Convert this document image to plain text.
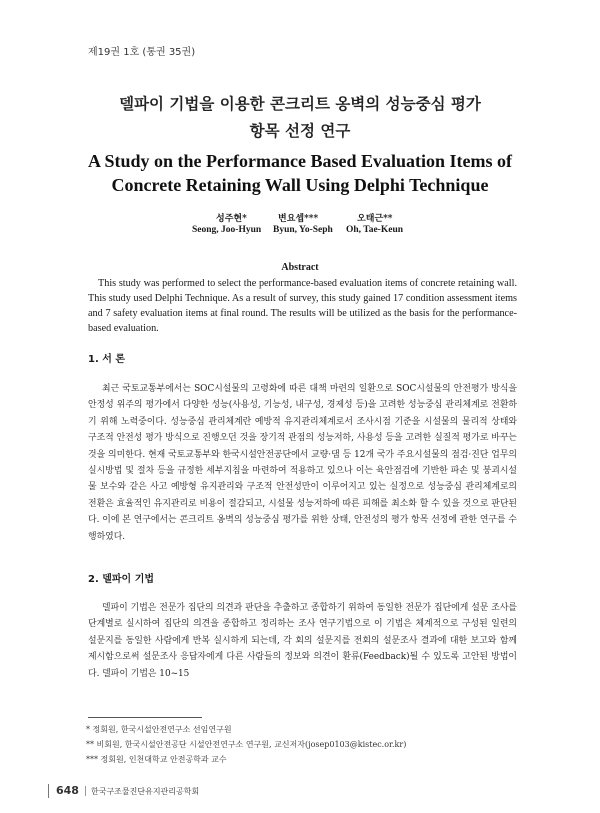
제19권 1호 (통권 35권)
델파이 기법을 이용한 콘크리트 옹벽의 성능중심 평가
항목 선정 연구
A Study on the Performance Based Evaluation Items of
Concrete Retaining Wall Using Delphi Technique
성주현*
Seong, Joo-Hyun
변요셉***
Byun, Yo-Seph
오태근**
Oh, Tae-Keun
Abstract
This study was performed to select the performance-based evaluation items of concrete retaining wall. This study used Delphi Technique. As a result of survey, this study gained 17 condition assessment items and 7 safety evaluation items at final round. The results will be utilized as the basis for the performance-based evaluation.
1. 서 론
최근 국토교통부에서는 SOC시설물의 고령화에 따른 대책 마련의 일환으로 SOC시설물의 안전평가 방식을 안정성 위주의 평가에서 다양한 성능(사용성, 기능성, 내구성, 경제성 등)을 고려한 성능중심 관리체계로 전환하기 위해 노력중이다. 성능중심 관리체계란 예방적 유지관리체계로서 조사시점 기준을 시설물의 물리적 상태와 구조적 안전성 평가 방식으로 진행오던 것을 장기적 관점의 성능저하, 사용성 등을 고려한 실질적 평가로 바꾸는 것을 의미한다. 현재 국토교통부와 한국시설안전공단에서 교량·댐 등 12개 국가 주요시설물의 점검·진단 업무의 실시방법 및 절차 등을 규정한 세부지침을 마련하여 적용하고 있으나 이는 육안점검에 기반한 파손 및 붕괴시설물 보수와 같은 사고 예방형 유지관리와 구조적 안전성만이 이루어지고 있는 실정으로 성능중심 관리체계로의 전환은 효율적인 유지관리로 비용이 절감되고, 시설물 성능저하에 따른 피해를 최소화 할 수 있을 것으로 판단된다. 이에 본 연구에서는 콘크리트 옹벽의 성능중심 평가를 위한 상태, 안전성의 평가 항목 선정에 관한 연구를 수행하였다.
2. 델파이 기법
델파이 기법은 전문가 집단의 의견과 판단을 추출하고 종합하기 위하여 동일한 전문가 집단에게 설문 조사를 단계별로 실시하여 집단의 의견을 종합하고 정리하는 조사 연구기법으로 이 기법은 체계적으로 구성된 일련의 설문지를 동일한 사람에게 반복 실시하게 되는데, 각 회의 설문지를 전회의 설문조사 결과에 대한 보고와 함께 제시함으로써 설문조사 응답자에게 다른 사람들의 정보와 의견이 환류(Feedback)될 수 있도록 고안된 방법이다. 델파이 기법은 10~15
* 정회원, 한국시설안전연구소 선임연구원
** 비회원, 한국시설안전공단 시설안전연구소 연구원, 교신저자(josep0103@kistec.or.kr)
*** 정회원, 인천대학교 안전공학과 교수
648 한국구조물진단유지관리공학회
